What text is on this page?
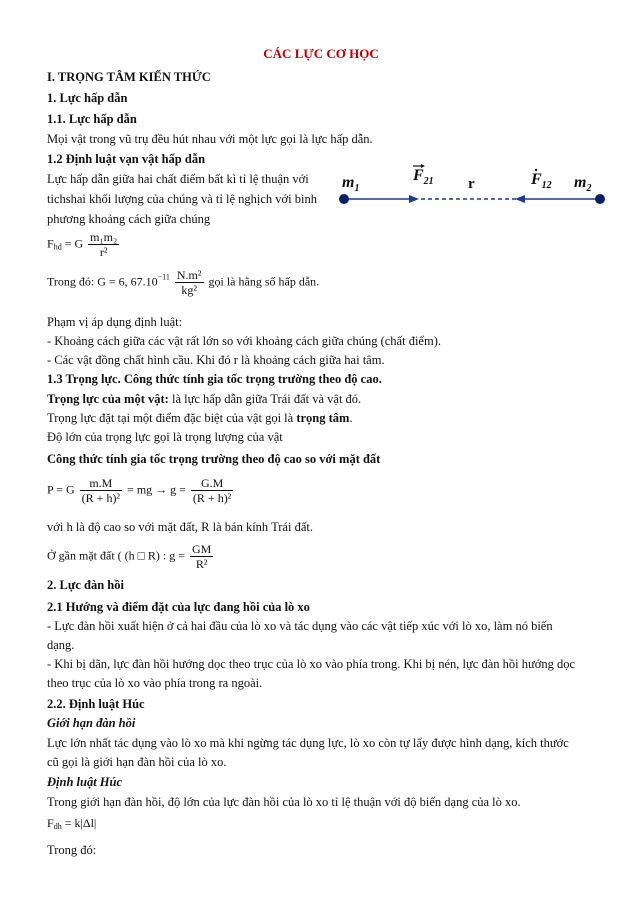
CÁC LỰC CƠ HỌC
I. TRỌNG TÂM KIẾN THỨC
1. Lực hấp dẫn
1.1. Lực hấp dẫn
Mọi vật trong vũ trụ đều hút nhau với một lực gọi là lực hấp dẫn.
1.2 Định luật vạn vật hấp dẫn
Lực hấp dẫn giữa hai chất điểm bất kì tỉ lệ thuận với
tichshai khối lượng của chúng và tỉ lệ nghịch với bình
phương khoảng cách giữa chúng
$m_1$
$F_{21}$ r	$F_{12}$ $m_2$
$F_{hd} = G \frac{\text{m₁m₂}}{\text{r²}}$
Trong đó: G = 6, $67.10^{-11} \frac{\text{N.m²}}{\text{kg²}}$ gọi là hằng số hấp dẫn.
Phạm vị áp dụng định luật:
- Khoảng cách giữa các vật rất lớn so với khoảng cách giữa chúng (chất điểm).
- Các vật đồng chất hình cầu. Khi đó r là khoảng cách giữa hai tâm.
1.3 Trọng lực. Công thức tính gia tốc trọng trường theo độ cao.
Trọng lực của một vật: là lực hấp dẫn giữa Trái đất và vật đó.
Trọng lực đặt tại một điểm đặc biệt của vật gọi là trọng tâm.
Độ lớn của trọng lực gọi là trọng lượng của vật
Công thức tính gia tốc trọng trường theo độ cao so với mặt đất
P = G $\frac{m.M}{\text{(R + h)²}}$ = mg → $g = \frac{G.M}{\text{(R + h)²}}$
với h là độ cao so với mặt đất, R là bán kính Trái đất.
Ở gần mặt đất ( (h □ R) : $g = \frac{GM}{\text{R²}}$
2. Lực đàn hồi
2.1 Hướng và điểm đặt của lực đang hồi của lò xo
- Lực đàn hồi xuất hiện ở cả hai đầu của lò xo và tác dụng vào các vật tiếp xúc với lò xo, làm nó biến
dạng.
- Khi bị dãn, lực đàn hồi hướng dọc theo trục của lò xo vào phía trong. Khi bị nén, lực đàn hồi hướng dọc
theo trục của lò xo vào phía trong ra ngoài.
2.2. Định luật Húc
Giới hạn đàn hồi
Lực lớn nhất tác dụng vào lò xo mà khi ngừng tác dụng lực, lò xo còn tự lấy được hình dạng, kích thước
cũ gọi là giới hạn đàn hồi của lò xo.
Định luật Húc
Trong giới hạn đàn hồi, độ lớn của lực đàn hồi của lò xo tỉ lệ thuận với độ biến dạng của lò xo.
$F_{dh} = k|\Delta l|$
Trong đó:
